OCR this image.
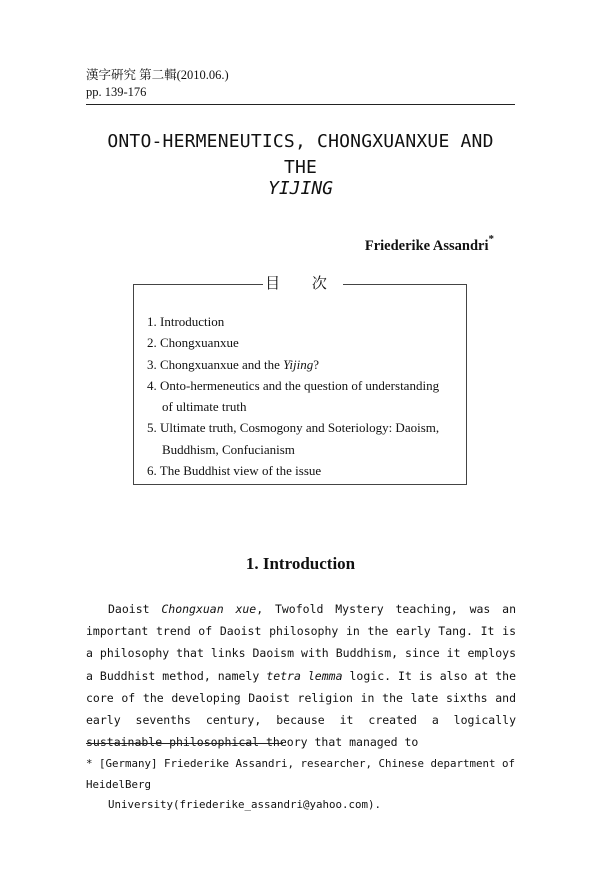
漢字硏究 第二輯(2010.06.)
pp. 139-176
ONTO-HERMENEUTICS, CHONGXUANXUE AND THE
YIJING
Friederike Assandri*
目 次
1. Introduction
2. Chongxuanxue
3. Chongxuanxue and the Yijing?
4. Onto-hermeneutics and the question of understanding
of ultimate truth
5. Ultimate truth, Cosmogony and Soteriology: Daoism,
Buddhism, Confucianism
6. The Buddhist view of the issue
1. Introduction

Daoist Chongxuan xue, Twofold Mystery teaching, was an important trend of Daoist philosophy in the early Tang. It is a philosophy that links Daoism with Buddhism, since it employs a Buddhist method, namely tetra lemma logic. It is also at the core of the developing Daoist religion in the late sixths and early sevenths century, because it created a logically sustainable philosophical theory that managed to

* [Germany] Friederike Assandri, researcher, Chinese department of HeidelBerg
University(friederike_assandri@yahoo.com).
